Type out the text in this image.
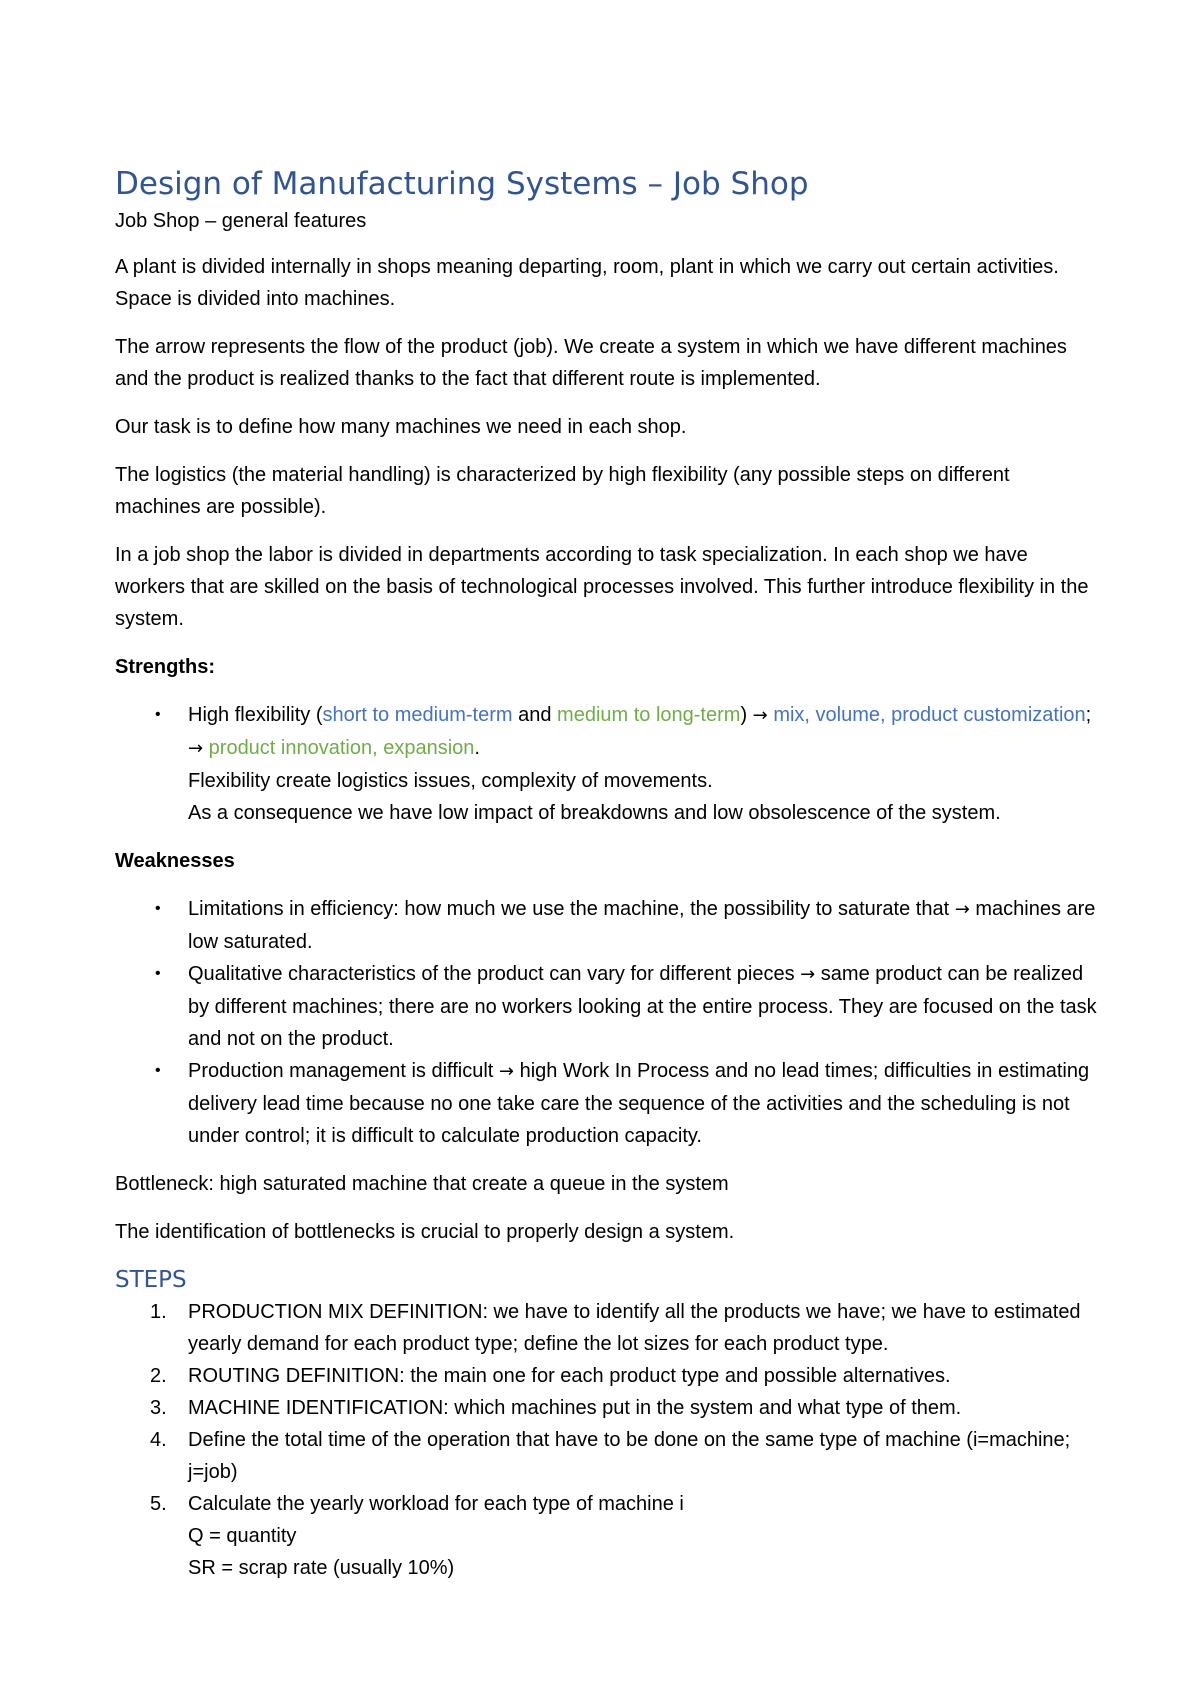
Design of Manufacturing Systems – Job Shop

Job Shop – general features

A plant is divided internally in shops meaning departing, room, plant in which we carry out certain activities. Space is divided into machines.

The arrow represents the flow of the product (job). We create a system in which we have different machines and the product is realized thanks to the fact that different route is implemented.

Our task is to define how many machines we need in each shop.

The logistics (the material handling) is characterized by high flexibility (any possible steps on different machines are possible).

In a job shop the labor is divided in departments according to task specialization. In each shop we have workers that are skilled on the basis of technological processes involved. This further introduce flexibility in the system.

Strengths:

• High flexibility (short to medium-term and medium to long-term) → mix, volume, product customization; → product innovation, expansion.
Flexibility create logistics issues, complexity of movements.
As a consequence we have low impact of breakdowns and low obsolescence of the system.

Weaknesses

• Limitations in efficiency: how much we use the machine, the possibility to saturate that → machines are low saturated.
• Qualitative characteristics of the product can vary for different pieces → same product can be realized by different machines; there are no workers looking at the entire process. They are focused on the task and not on the product.
• Production management is difficult → high Work In Process and no lead times; difficulties in estimating delivery lead time because no one take care the sequence of the activities and the scheduling is not under control; it is difficult to calculate production capacity.

Bottleneck: high saturated machine that create a queue in the system

The identification of bottlenecks is crucial to properly design a system.

STEPS
1. PRODUCTION MIX DEFINITION: we have to identify all the products we have; we have to estimated yearly demand for each product type; define the lot sizes for each product type.
2. ROUTING DEFINITION: the main one for each product type and possible alternatives.
3. MACHINE IDENTIFICATION: which machines put in the system and what type of them.
4. Define the total time of the operation that have to be done on the same type of machine (i=machine; j=job)
5. Calculate the yearly workload for each type of machine i
Q = quantity
SR = scrap rate (usually 10%)
